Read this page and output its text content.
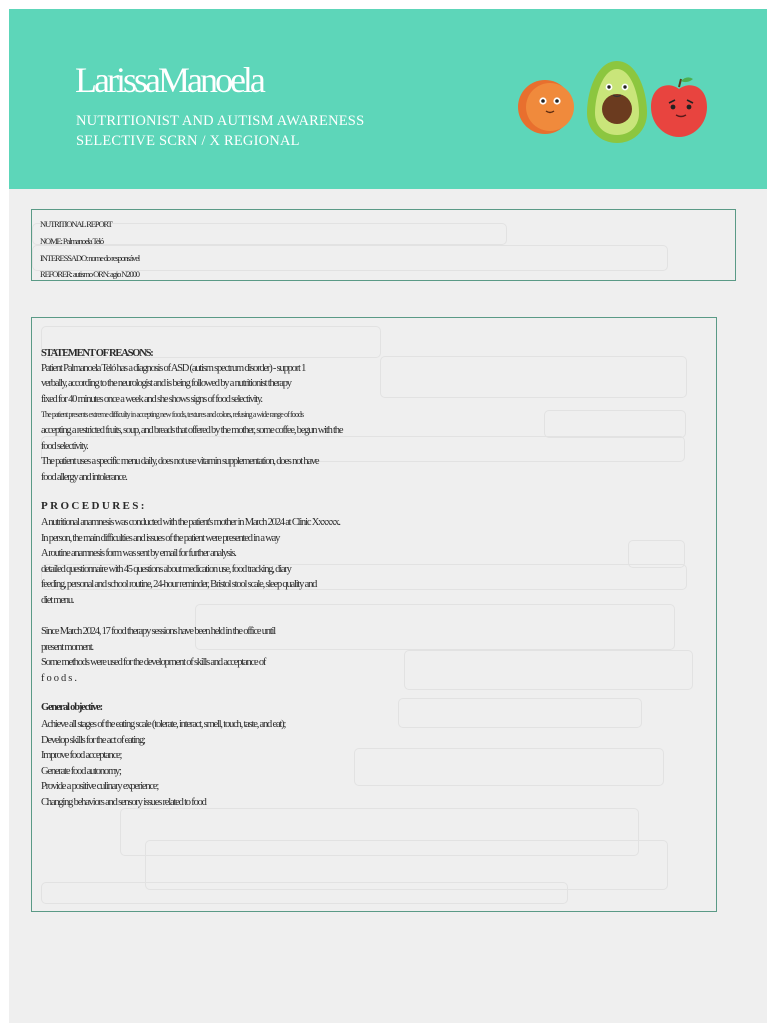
LarissaManoela
NUTRITIONIST AND AUTISM AWARENESS
SELECTIVE SCRN / X REGIONAL
NUTRITIONAL REPORT
NOME: Palmanoela Teló
INTERESSADO: nome do responsável
REFORER: autismo ORN: agio N2000
STATEMENT OF REASONS:
Patient Palmanoela Teló has a diagnosis of ASD (autism spectrum disorder) - support 1
verbally, according to the neurologist and is being followed by a nutritionist therapy
fixed for 40 minutes once a week and she shows signs of food selectivity.
The patient presents extreme difficulty in accepting new foods, textures and colors, refusing a wide range of foods
accepting a restricted fruits, soup, and breads that offered by the mother, some coffee, begun with the
food selectivity.
The patient uses a specific menu daily, does not use vitamin supplementation, does not have
food allergy and intolerance.
PROCEDURES:
A nutritional anamnesis was conducted with the patient's mother in March 2024 at Clinic Xxxxxx.
In person, the main difficulties and issues of the patient were presented in a way
A routine anamnesis form was sent by email for further analysis.
detailed questionnaire with 45 questions about medication use, food tracking, diary
feeding, personal and school routine, 24-hour reminder, Bristol stool scale, sleep quality and
diet menu.
Since March 2024, 17 food therapy sessions have been held in the office until
present moment.
Some methods were used for the development of skills and acceptance of
foods.
General objective:
Achieve all stages of the eating scale (tolerate, interact, smell, touch, taste, and eat);
Develop skills for the act of eating;
Improve food acceptance;
Generate food autonomy;
Provide a positive culinary experience;
Changing behaviors and sensory issues related to food
